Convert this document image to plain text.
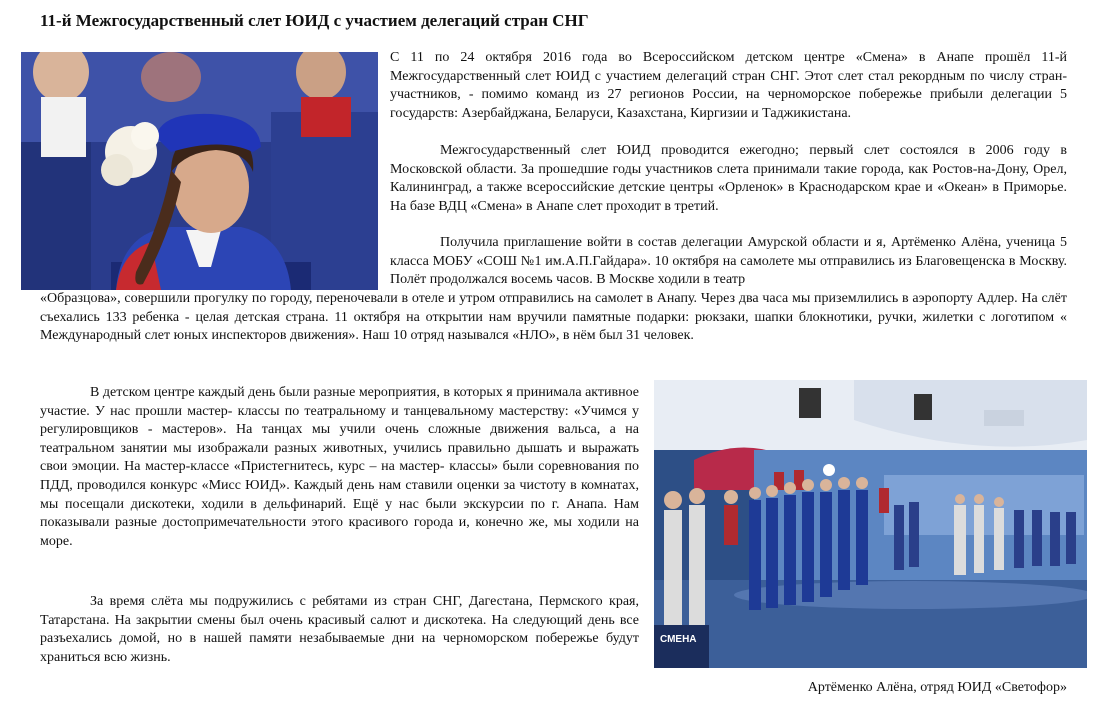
11-й Межгосударственный слет ЮИД с участием делегаций стран СНГ

С 11 по 24 октября 2016 года во Всероссийском детском центре «Смена» в Анапе прошёл 11-й Межгосударственный слет ЮИД с участием делегаций стран СНГ. Этот слет стал рекордным по числу стран-участников, - помимо команд из 27 регионов России, на черноморское побережье прибыли делегации 5 государств: Азербайджана, Беларуси, Казахстана, Киргизии и Таджикистана.

Межгосударственный слет ЮИД проводится ежегодно; первый слет состоялся в 2006 году в Московской области. За прошедшие годы участников слета принимали такие города, как Ростов-на-Дону, Орел, Калининград, а также всероссийские детские центры «Орленок» в Краснодарском крае и «Океан» в Приморье. На базе ВДЦ «Смена» в Анапе слет проходит в третий.

Получила приглашение войти в состав делегации Амурской области и я, Артёменко Алёна, ученица 5 класса МОБУ «СОШ №1 им.А.П.Гайдара». 10 октября на самолете мы отправились из Благовещенска в Москву. Полёт продолжался восемь часов. В Москве ходили в театр

«Образцова», совершили прогулку по городу, переночевали в отеле и утром отправились на самолет в Анапу. Через два часа мы приземлились в аэропорту Адлер. На слёт съехались 133 ребенка - целая детская страна. 11 октября на открытии нам вручили памятные подарки: рюкзаки, шапки блокнотики, ручки, жилетки с логотипом « Международный слет юных инспекторов движения». Наш 10 отряд назывался «НЛО», в нём был 31 человек.

В детском центре каждый день были разные мероприятия, в которых я принимала активное участие. У нас прошли мастер- классы по театральному и танцевальному мастерству: «Учимся у регулировщиков - мастеров». На танцах мы учили очень сложные движения вальса, а на театральном занятии мы изображали разных животных, учились правильно дышать и выражать свои эмоции. На мастер-классе «Пристегнитесь, курс – на мастер- классы» были соревнования по ПДД, проводился конкурс «Мисс ЮИД». Каждый день нам ставили оценки за чистоту в комнатах, мы посещали дискотеки, ходили в дельфинарий. Ещё у нас были экскурсии по г. Анапа. Нам показывали разные достопримечательности этого красивого города и, конечно же, мы ходили на море.

За время слёта мы подружились с ребятами из стран СНГ, Дагестана, Пермского края, Татарстана. На закрытии смены был очень красивый салют и дискотека. На следующий день все разъехались домой, но в нашей памяти незабываемые дни на черноморском побережье будут храниться всю жизнь.

СМЕНА
Артёменко Алёна, отряд ЮИД «Светофор»
